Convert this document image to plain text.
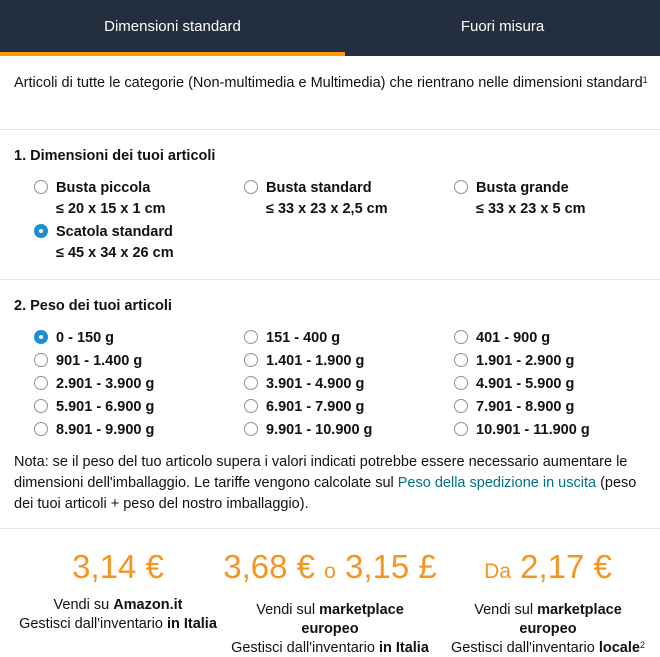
Dimensioni standard	Fuori misura
Articoli di tutte le categorie (Non-multimedia e Multimedia) che rientrano nelle dimensioni standard$^1$
1. Dimensioni dei tuoi articoli
Busta piccola
≤ 20 x 15 x 1 cm
Busta standard
≤ 33 x 23 x 2,5 cm
Busta grande
≤ 33 x 23 x 5 cm
Scatola standard
≤ 45 x 34 x 26 cm
2. Peso dei tuoi articoli
0 - 150 g	151 - 400 g	401 - 900 g
901 - 1.400 g	1.401 - 1.900 g	1.901 - 2.900 g
2.901 - 3.900 g	3.901 - 4.900 g	4.901 - 5.900 g
5.901 - 6.900 g	6.901 - 7.900 g	7.901 - 8.900 g
8.901 - 9.900 g	9.901 - 10.900 g	10.901 - 11.900 g
Nota: se il peso del tuo articolo supera i valori indicati potrebbe essere necessario aumentare le dimensioni dell'imballaggio. Le tariffe vengono calcolate sul Peso della spedizione in uscita (peso dei tuoi articoli + peso del nostro imballaggio).
3,14 €
Vendi su Amazon.it
Gestisci dall'inventario in Italia
3,68 € o 3,15 £
Vendi sul marketplace
europeo
Gestisci dall'inventario in Italia
Da 2,17 €
Vendi sul marketplace
europeo
Gestisci dall'inventario locale$^2$
